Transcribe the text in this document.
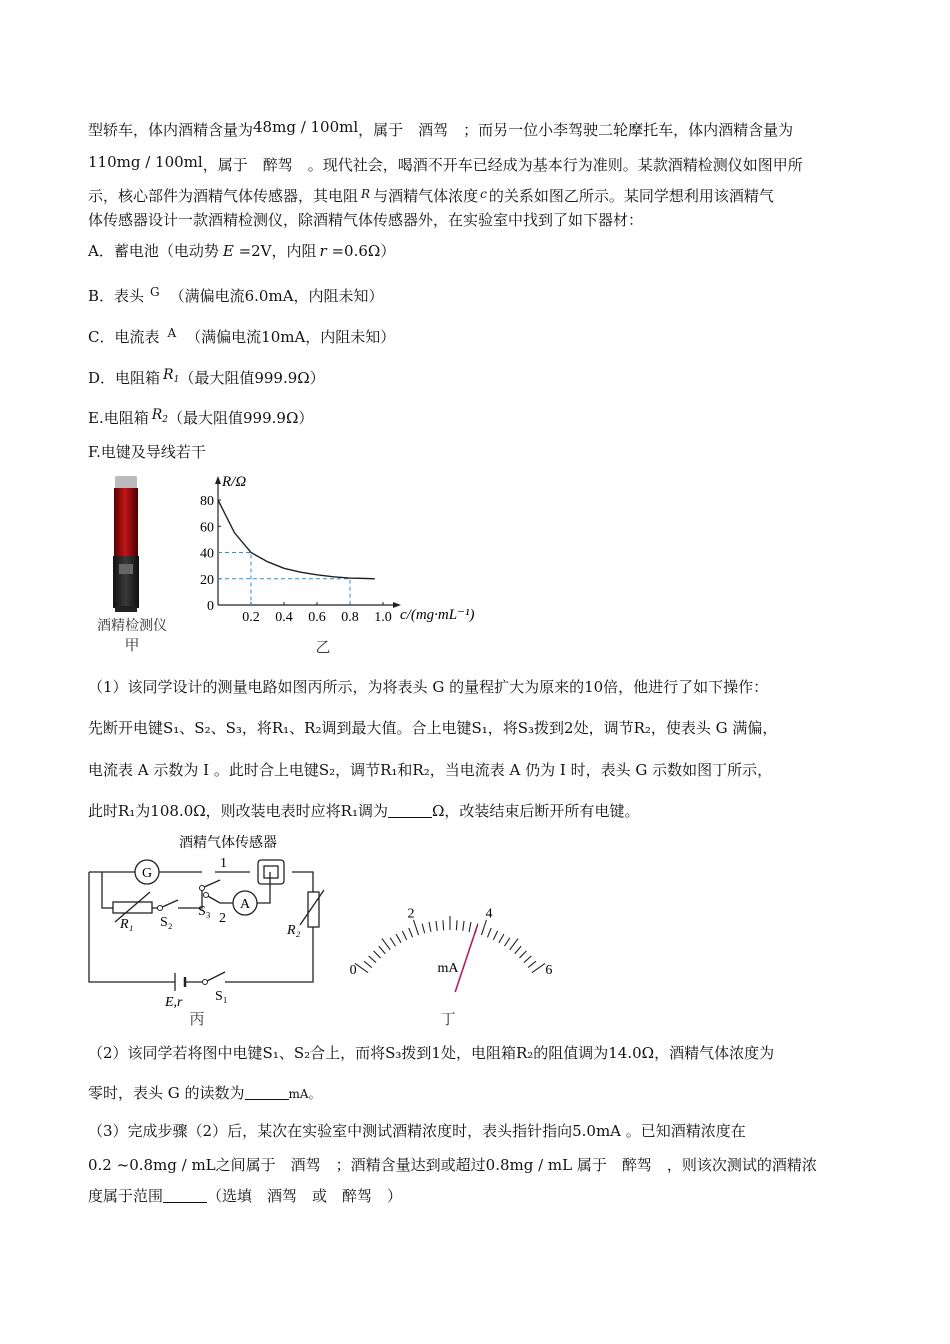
型轿车，体内酒精含量为48mg / 100ml，属于　酒驾　；而另一位小李驾驶二轮摩托车，体内酒精含量为
110mg / 100ml，属于　醉驾　。现代社会，喝酒不开车已经成为基本行为准则。某款酒精检测仪如图甲所
示，核心部件为酒精气体传感器，其电阻 $^R$ 与酒精气体浓度 $^c$ 的关系如图乙所示。某同学想利用该酒精气
体传感器设计一款酒精检测仪，除酒精气体传感器外，在实验室中找到了如下器材：
A．蓄电池（电动势 E =2V，内阻 r =0.6Ω）
B．表头 $^G$ （满偏电流6.0mA，内阻未知）
C．电流表 $^A$ （满偏电流10mA，内阻未知）
D．电阻箱 $R_1$（最大阻值999.9Ω）
E.电阻箱 $R_2$（最大阻值999.9Ω）
F.电键及导线若干
酒精检测仪
甲
0.2 0.4 0.6 0.8 1.0
0
20
40
60
80
R/Ω
c/(mg·mL⁻¹)
乙
（1）该同学设计的测量电路如图丙所示，为将表头 G 的量程扩大为原来的10倍，他进行了如下操作：
先断开电键S₁、S₂、S₃，将R₁、R₂调到最大值。合上电键S₁，将S₃拨到2处，调节R₂，使表头 G 满偏，
电流表 A 示数为 I 。此时合上电键S₂，调节R₁和R₂，当电流表 A 仍为 I 时，表头 G 示数如图丁所示，
此时R₁为108.0Ω，则改装电表时应将R₁调为	Ω，改装结束后断开所有电键。
酒精气体传感器
G
A
R₁ S₂
S₃
1
2
R₂
E,r S₁
丙
0
2	4
6
mA
丁
（2）该同学若将图中电键S₁、S₂合上，而将S₃拨到1处，电阻箱R₂的阻值调为14.0Ω，酒精气体浓度为
零时，表头 G 的读数为	mA。
（3）完成步骤（2）后，某次在实验室中测试酒精浓度时，表头指针指向5.0mA 。已知酒精浓度在
0.2 ~0.8mg / mL之间属于　酒驾　；酒精含量达到或超过0.8mg / mL 属于　醉驾　，则该次测试的酒精浓
度属于范围	（选填　酒驾　或　醉驾　）
